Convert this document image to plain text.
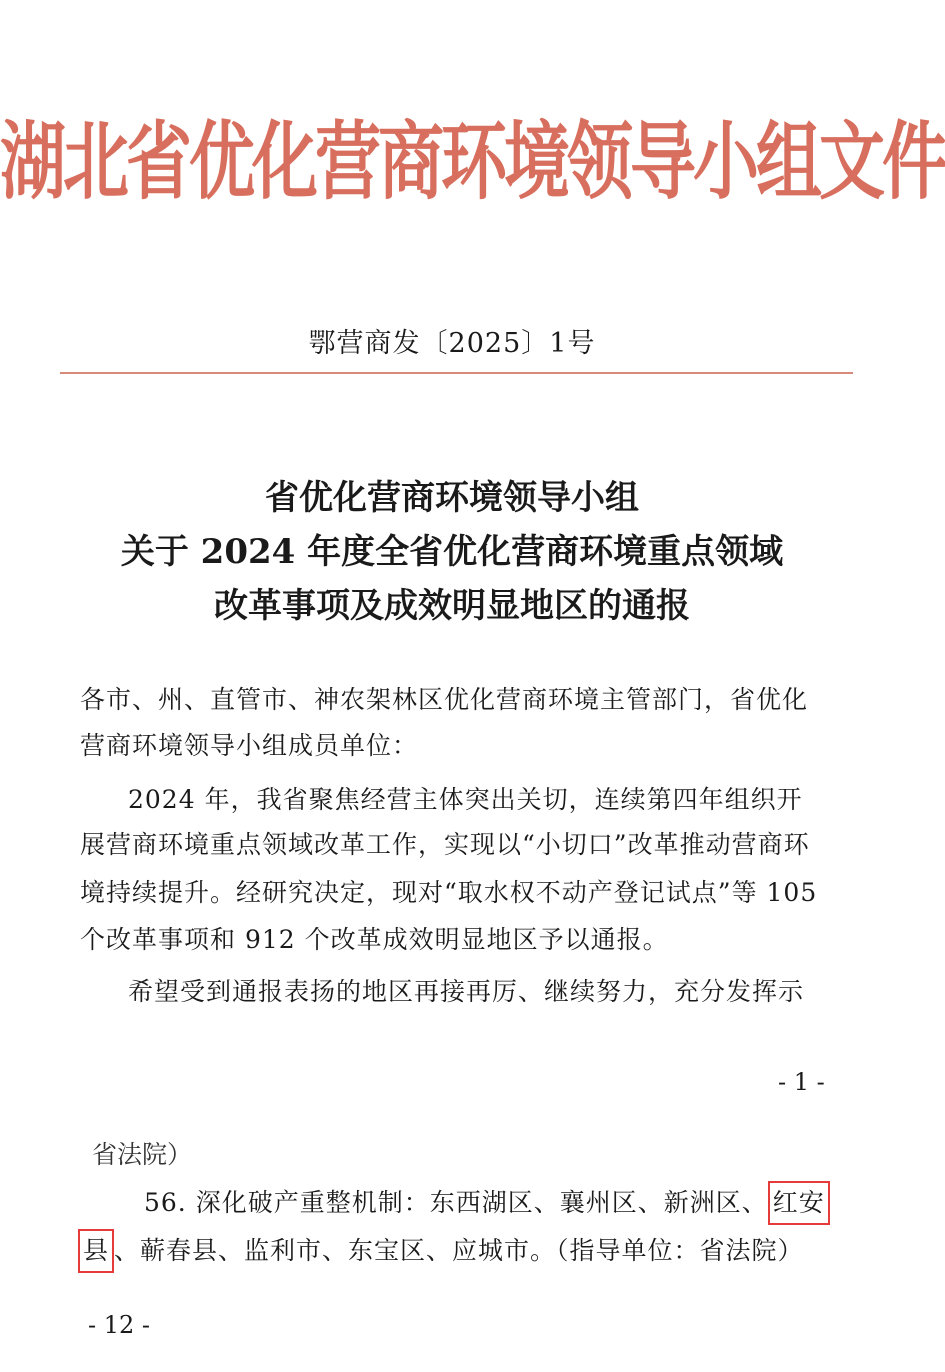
湖北省优化营商环境领导小组文件
鄂营商发〔2025〕1号
省优化营商环境领导小组
关于 2024 年度全省优化营商环境重点领域
改革事项及成效明显地区的通报
各市、州、直管市、神农架林区优化营商环境主管部门，省优化
营商环境领导小组成员单位：
2024 年，我省聚焦经营主体突出关切，连续第四年组织开
展营商环境重点领域改革工作，实现以“小切口”改革推动营商环
境持续提升。经研究决定，现对“取水权不动产登记试点”等 105
个改革事项和 912 个改革成效明显地区予以通报。
希望受到通报表扬的地区再接再厉、继续努力，充分发挥示
- 1 -
省法院）
56. 深化破产重整机制：东西湖区、襄州区、新洲区、 红安
县 、蕲春县、监利市、东宝区、应城市。（指导单位：省法院）
- 12 -
